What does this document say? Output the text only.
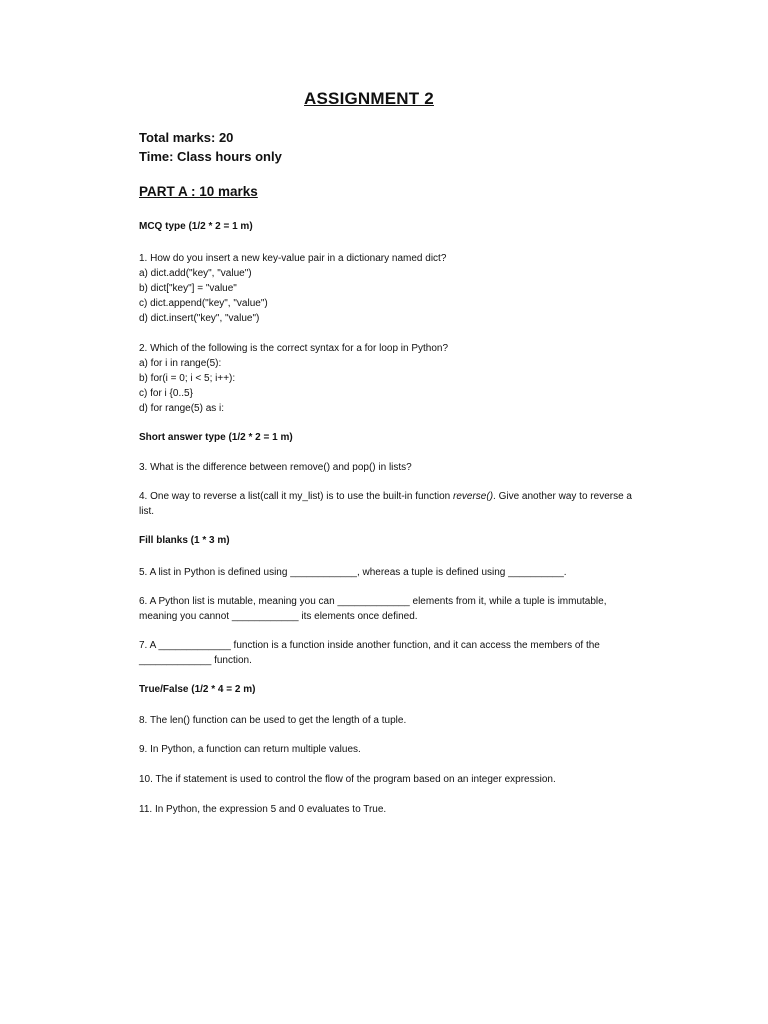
ASSIGNMENT 2
Total marks: 20
Time: Class hours only
PART A : 10 marks
MCQ type (1/2 * 2 = 1 m)
1. How do you insert a new key-value pair in a dictionary named dict?
a) dict.add("key", "value")
b) dict["key"] = "value"
c) dict.append("key", "value")
d) dict.insert("key", "value")
2. Which of the following is the correct syntax for a for loop in Python?
a) for i in range(5):
b) for(i = 0; i < 5; i++):
c) for i {0..5}
d) for range(5) as i:
Short answer type (1/2 * 2 = 1 m)
3. What is the difference between remove() and pop() in lists?
4. One way to reverse a list(call it my_list) is to use the built-in function reverse(). Give another way to reverse a list.
Fill blanks (1 * 3 m)
5. A list in Python is defined using ____________, whereas a tuple is defined using __________.
6. A Python list is mutable, meaning you can _____________ elements from it, while a tuple is immutable, meaning you cannot ____________ its elements once defined.
7. A _____________ function is a function inside another function, and it can access the members of the _____________ function.
True/False (1/2 * 4 = 2 m)
8. The len() function can be used to get the length of a tuple.
9. In Python, a function can return multiple values.
10. The if statement is used to control the flow of the program based on an integer expression.
11. In Python, the expression 5 and 0 evaluates to True.
